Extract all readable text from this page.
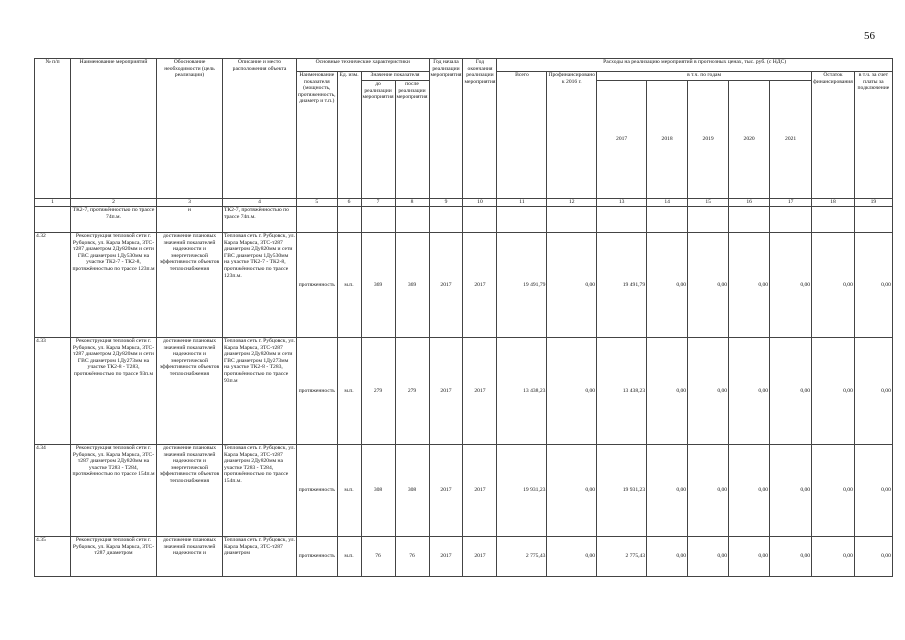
56
№ п/п	Наименование мероприятий	Обоснование необходимости (цель реализации)	Описание и место расположения объекта	Основные технические характеристики				Год начала реализации мероприятия	Год окончания реализации мероприятия	Расходы на реализацию мероприятий в прогнозных ценах, тыс. руб. (с НДС)								
				Наименование показателя (мощность, протяженность, диаметр и т.п.)	Ед. изм.	Значение показателя				Всего	Профинансировано к 2016 г.	в т.ч. по годам					Остаток финансирования	в т.ч. за счет платы за подключение
						до реализации мероприятия	после реализации мероприятия					2017	2018	2019	2020	2021		
1	2	3	4	5	6	7	8	9	10	11	12	13	14	15	16	17	18	19
	ТК2-7, протяжённостью по трассе 74п.м.	н	ТК2-7, протяжённостью по трассе 74п.м.															
4.32	Реконструкция тепловой сети г. Рубцовск, ул. Карла Маркса, ЗТС-т287 диаметром 2Ду820мм и сети ГВС диаметром 1Ду530мм на участке ТК2-7 - ТК2-8, протяжённостью по трассе 123п.м	достижение плановых значений показателей надежности и энергетической эффективности объектов теплоснабжения	Тепловая сеть г. Рубцовск, ул. Карла Маркса, ЗТС-т287 диаметром 2Ду820мм и сети ГВС диаметром 1Ду530мм на участке ТК2-7 - ТК2-8, протяжённостью по трассе 123п.м.	протяженность	м.п.	369	369	2017	2017	19 491,79	0,00	19 491,79	0,00	0,00	0,00	0,00	0,00	0,00
4.33	Реконструкция тепловой сети г. Рубцовск, ул. Карла Маркса, ЗТС-т287 диаметром 2Ду820мм и сети ГВС диаметром 1Ду273мм на участке ТК2-8 - Т283, протяжённостью по трассе 93п.м	достижение плановых значений показателей надежности и энергетической эффективности объектов теплоснабжения	Тепловая сеть г. Рубцовск, ул. Карла Маркса, ЗТС-т287 диаметром 2Ду820мм и сети ГВС диаметром 1Ду273мм на участке ТК2-8 - Т283, протяжённостью по трассе 93п.м	протяженность	м.п.	279	279	2017	2017	13 438,23	0,00	13 438,23	0,00	0,00	0,00	0,00	0,00	0,00
4.34	Реконструкция тепловой сети г. Рубцовск, ул. Карла Маркса, ЗТС-т287 диаметром 2Ду820мм на участке Т283 - Т284, протяжённостью по трассе 154п.м	достижение плановых значений показателей надежности и энергетической эффективности объектов теплоснабжения	Тепловая сеть г. Рубцовск, ул. Карла Маркса, ЗТС-т287 диаметром 2Ду820мм на участке Т283 - Т284, протяжённостью по трассе 154п.м.	протяженность	м.п.	308	308	2017	2017	19 931,23	0,00	19 931,23	0,00	0,00	0,00	0,00	0,00	0,00
4.35	Реконструкция тепловой сети г. Рубцовск, ул. Карла Маркса, ЗТС-т287 диаметром	достижение плановых значений показателей надежности и	Тепловая сеть г. Рубцовск, ул. Карла Маркса, ЗТС-т287 диаметром	протяженность	м.п.	76	76	2017	2017	2 775,43	0,00	2 775,43	0,00	0,00	0,00	0,00	0,00	0,00
